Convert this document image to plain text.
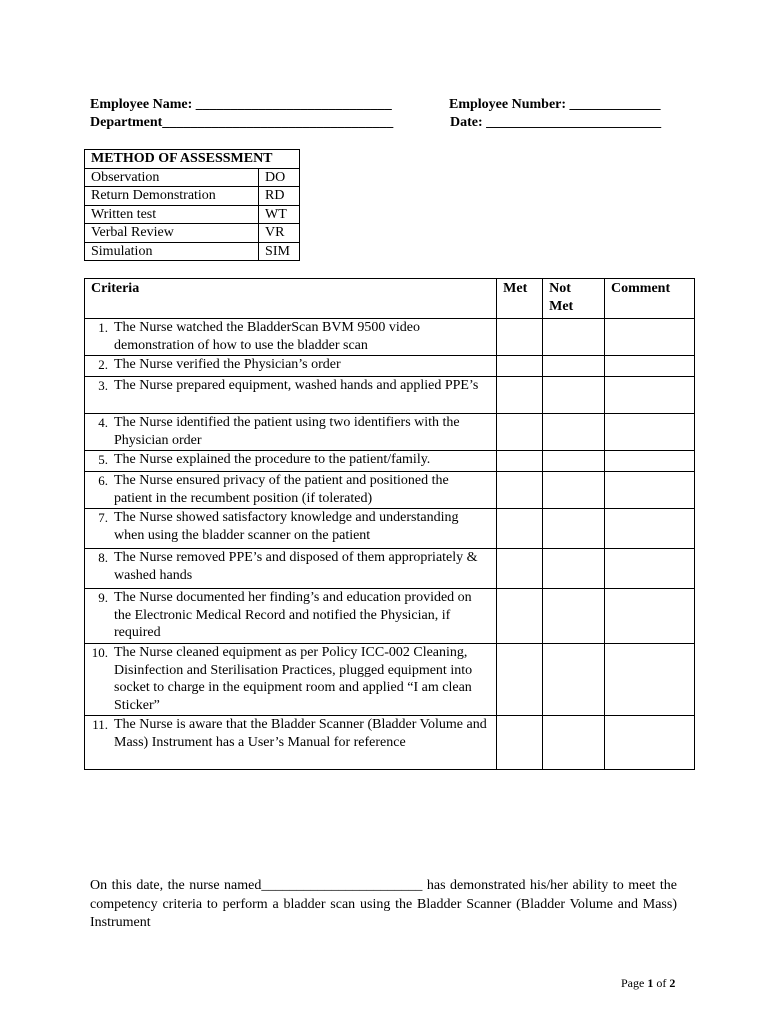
Employee Name: ____________________________	Employee Number: _____________
Department_________________________________	Date: _________________________
METHOD OF ASSESSMENT	
Observation	DO
Return Demonstration	RD
Written test	WT
Verbal Review	VR
Simulation	SIM
Criteria	Met	Not Met	Comment

1. The Nurse watched the BladderScan BVM 9500 video demonstration of how to use the bladder scan			

2. The Nurse verified the Physician’s order			

3. The Nurse prepared equipment, washed hands and applied PPE’s			

4. The Nurse identified the patient using two identifiers with the Physician order			

5. The Nurse explained the procedure to the patient/family.			

6. The Nurse ensured privacy of the patient and positioned the patient in the recumbent position (if tolerated)			

7. The Nurse showed satisfactory knowledge and understanding when using the bladder scanner on the patient			

8. The Nurse removed PPE’s and disposed of them appropriately & washed hands			

9. The Nurse documented her finding’s and education provided on the Electronic Medical Record and notified the Physician, if required			

10. The Nurse cleaned equipment as per Policy ICC-002 Cleaning, Disinfection and Sterilisation Practices, plugged equipment into socket to charge in the equipment room and applied “I am clean Sticker”			

11. The Nurse is aware that the Bladder Scanner (Bladder Volume and Mass) Instrument has a User’s Manual for reference			

On this date, the nurse named_______________________ has demonstrated his/her ability to meet the competency criteria to perform a bladder scan using the Bladder Scanner (Bladder Volume and Mass) Instrument
Page 1 of 2
